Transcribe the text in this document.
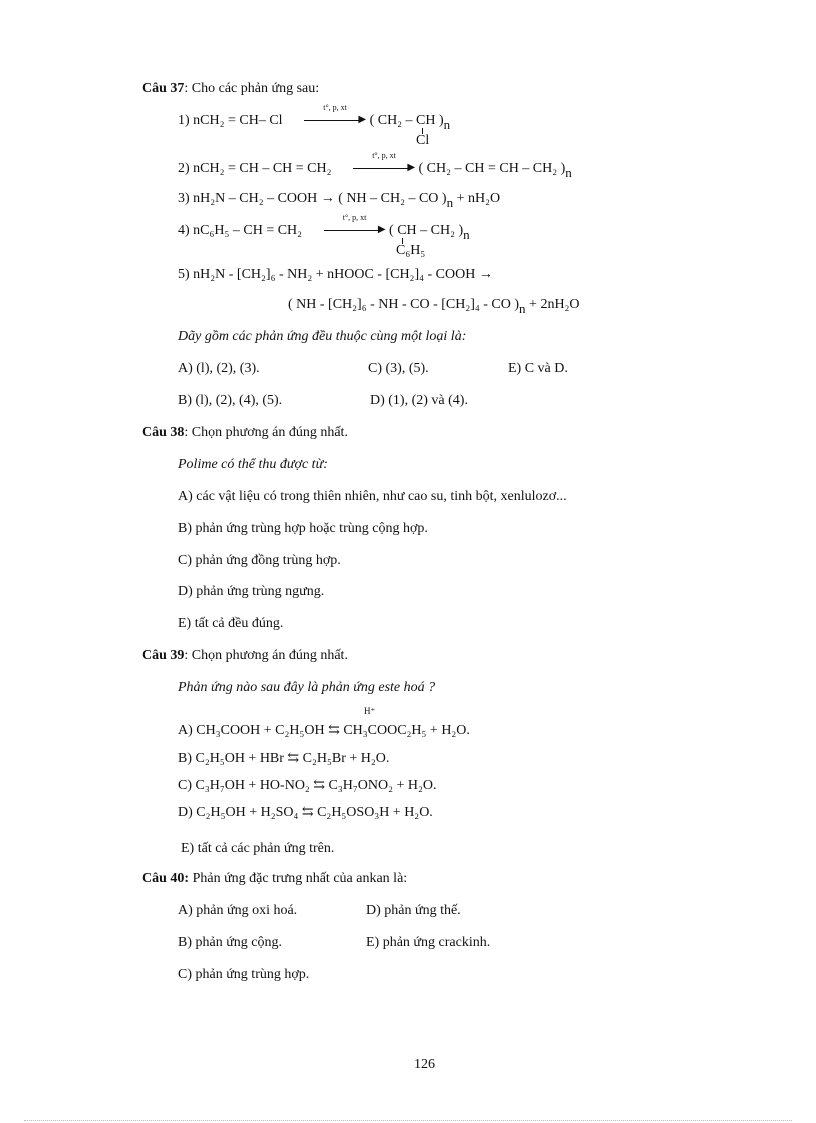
Câu 37: Cho các phản ứng sau:
1) nCH₂ = CH– Cl
t°, p, xt
▶ ( CH₂ – CH )n
Cl
2) nCH₂ = CH – CH = CH₂
t°, p, xt
▶ ( CH₂ – CH = CH – CH₂ )n
3) nH₂N – CH₂ – COOH → ( NH – CH₂ – CO )n + nH₂O
4) nC₆H₅ – CH = CH₂
t°, p, xt
▶ ( CH – CH₂ )n
C₆H₅
5) nH₂N - [CH₂]₆ - NH₂ + nHOOC - [CH₂]₄ - COOH →
( NH - [CH₂]₆ - NH - CO - [CH₂]₄ - CO )n + 2nH₂O
Dãy gồm các phản ứng đều thuộc cùng một loại là:
A) (l), (2), (3).	C) (3), (5).	E) C và D.
B) (l), (2), (4), (5).	D) (1), (2) và (4).
Câu 38: Chọn phương án đúng nhất.
Polime có thể thu được từ:
A) các vật liệu có trong thiên nhiên, như cao su, tinh bột, xenlulozơ...
B) phản ứng trùng hợp hoặc trùng cộng hợp.
C) phản ứng đồng trùng hợp.
D) phản ứng trùng ngưng.
E) tất cả đều đúng.
Câu 39: Chọn phương án đúng nhất.
Phản ứng nào sau đây là phản ứng este hoá ?
H⁺
A) CH₃COOH + C₂H₅OH ⇆ CH₃COOC₂H₅ + H₂O.
B) C₂H₅OH + HBr ⇆ C₂H₅Br + H₂O.
C) C₃H₇OH + HO-NO₂ ⇆ C₃H₇ONO₂ + H₂O.
D) C₂H₅OH + H₂SO₄ ⇆ C₂H₅OSO₃H + H₂O.
E) tất cả các phản ứng trên.
Câu 40: Phản ứng đặc trưng nhất của ankan là:
A) phản ứng oxi hoá.	D) phản ứng thế.
B) phản ứng cộng.	E) phản ứng crackinh.
C) phản ứng trùng hợp.
126
